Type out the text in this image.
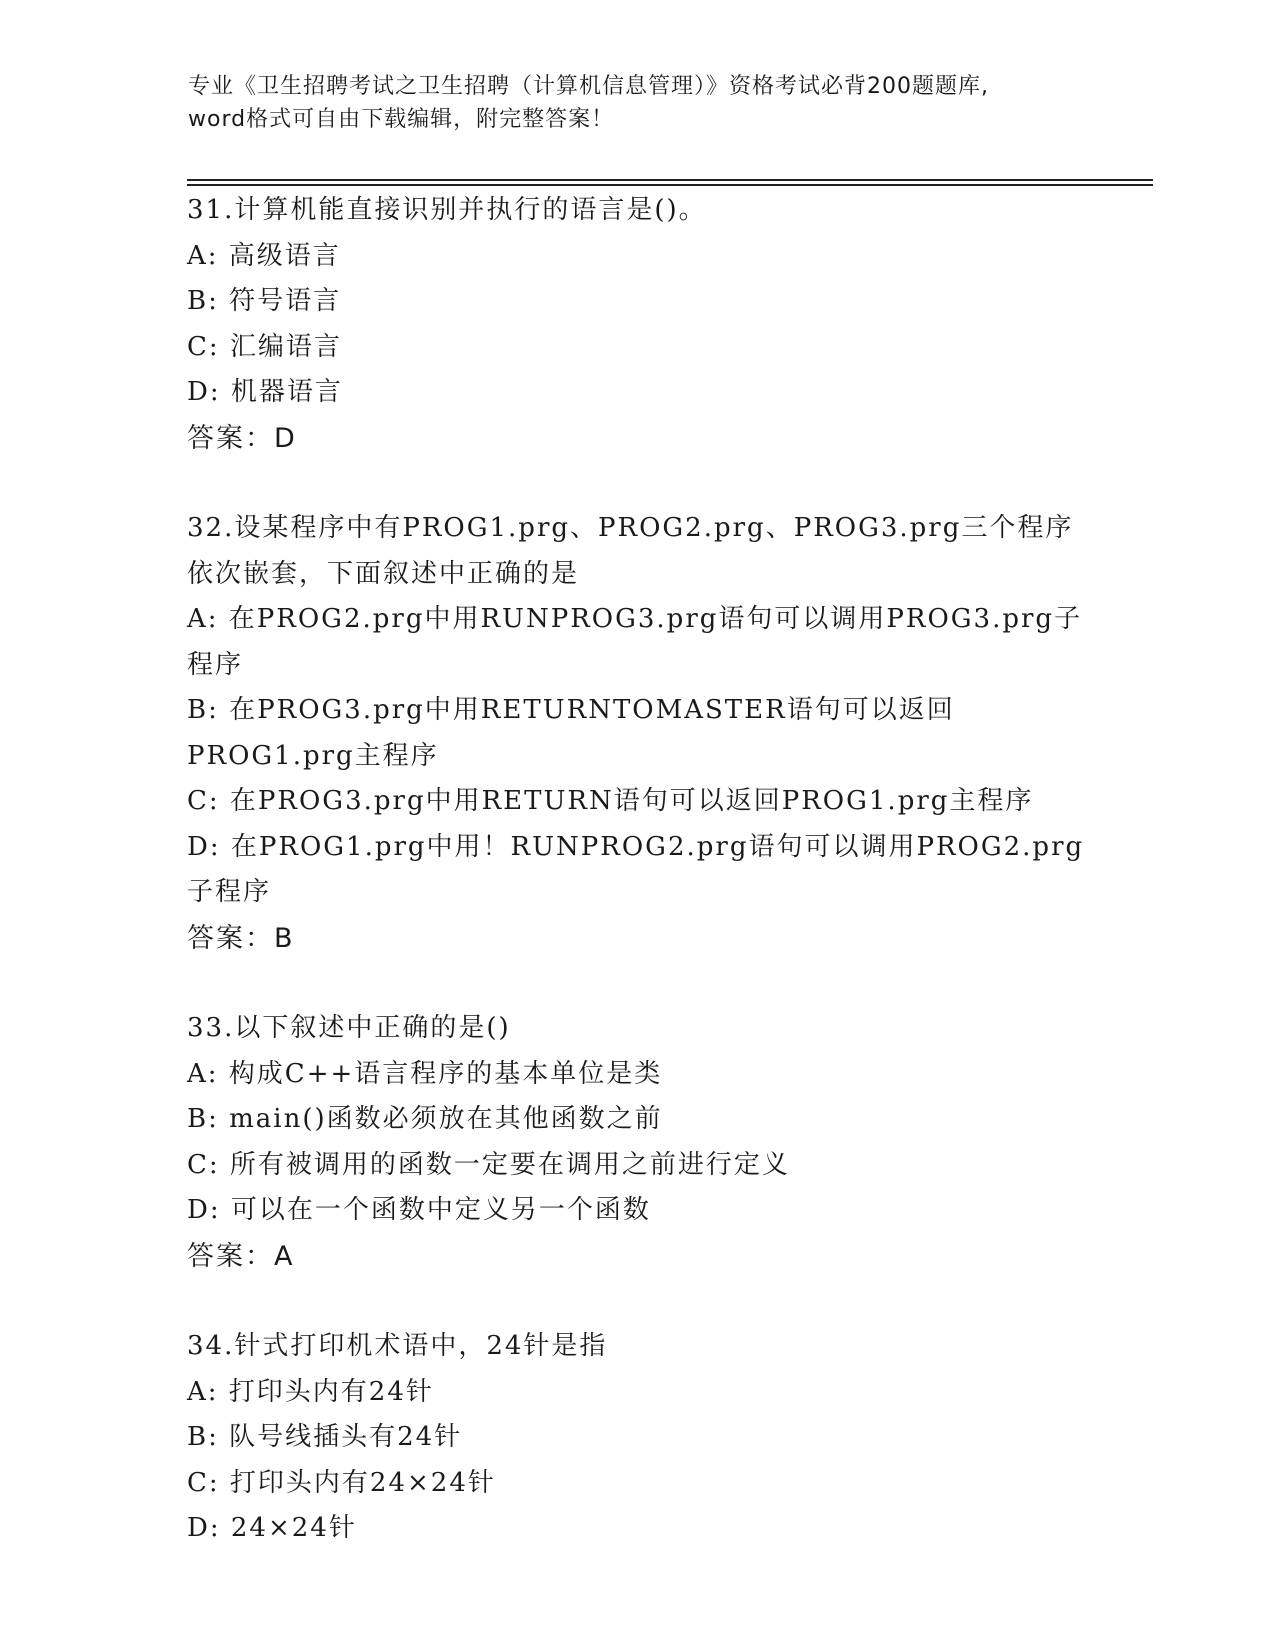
专业《卫生招聘考试之卫生招聘（计算机信息管理）》资格考试必背200题题库,
word格式可自由下载编辑，附完整答案！
31.计算机能直接识别并执行的语言是()。
A: 高级语言
B: 符号语言
C: 汇编语言
D: 机器语言
答案：D
32.设某程序中有PROG1.prg、PROG2.prg、PROG3.prg三个程序依次嵌套，下面叙述中正确的是
A: 在PROG2.prg中用RUNPROG3.prg语句可以调用PROG3.prg子程序
B: 在PROG3.prg中用RETURNTOMASTER语句可以返回PROG1.prg主程序
C: 在PROG3.prg中用RETURN语句可以返回PROG1.prg主程序
D: 在PROG1.prg中用！RUNPROG2.prg语句可以调用PROG2.prg子程序
答案：B
33.以下叙述中正确的是()
A: 构成C++语言程序的基本单位是类
B: main()函数必须放在其他函数之前
C: 所有被调用的函数一定要在调用之前进行定义
D: 可以在一个函数中定义另一个函数
答案：A
34.针式打印机术语中，24针是指
A: 打印头内有24针
B: 队号线插头有24针
C: 打印头内有24×24针
D: 24×24针
